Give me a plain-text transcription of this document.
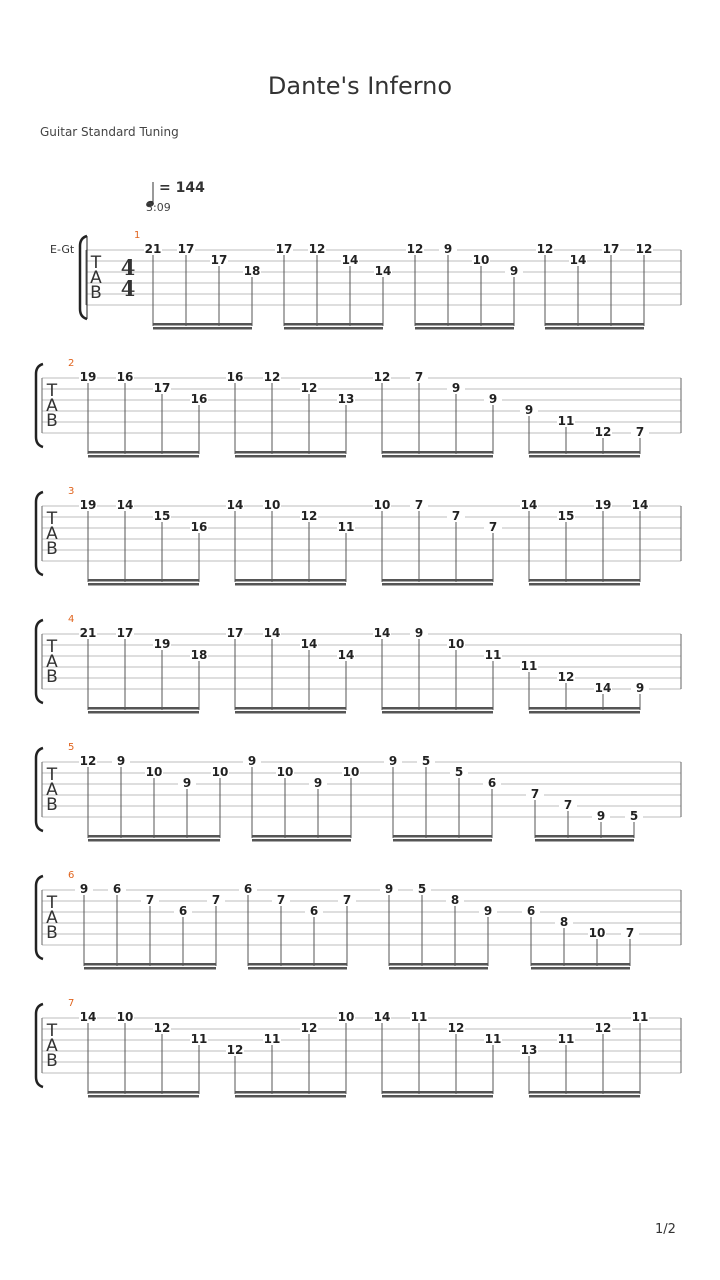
Dante's Inferno
Guitar Standard Tuning
= 144
3:09
E-Gt
4
4
T
A
B
1
21 17
17
18
17 12
14
14
12 9
10
9
12
14
17 12
T
A
B
2
19 16
17
16
16 12
12
13
12 7
9
9
9
11
12 7
T
A
B
3
19 14
15
16
14 10
12
11
10 7
7
7
14
15
19 14
T
A
B
4
21 17
19
18
17 14
14
14
14 9
10
11
11
12
14 9
T
A
B
5
12 9
10
9
10
9
10
9
10
9 5
5
6
7
7
9 5
T
A
B
6
9 6
7
6
7
6
7
6
7
9 5
8
9	6
8
10 7
T
A
B
7
14 10
12
11
12
11
12
10 14 11
12
11
13
11
12
11
1/2
